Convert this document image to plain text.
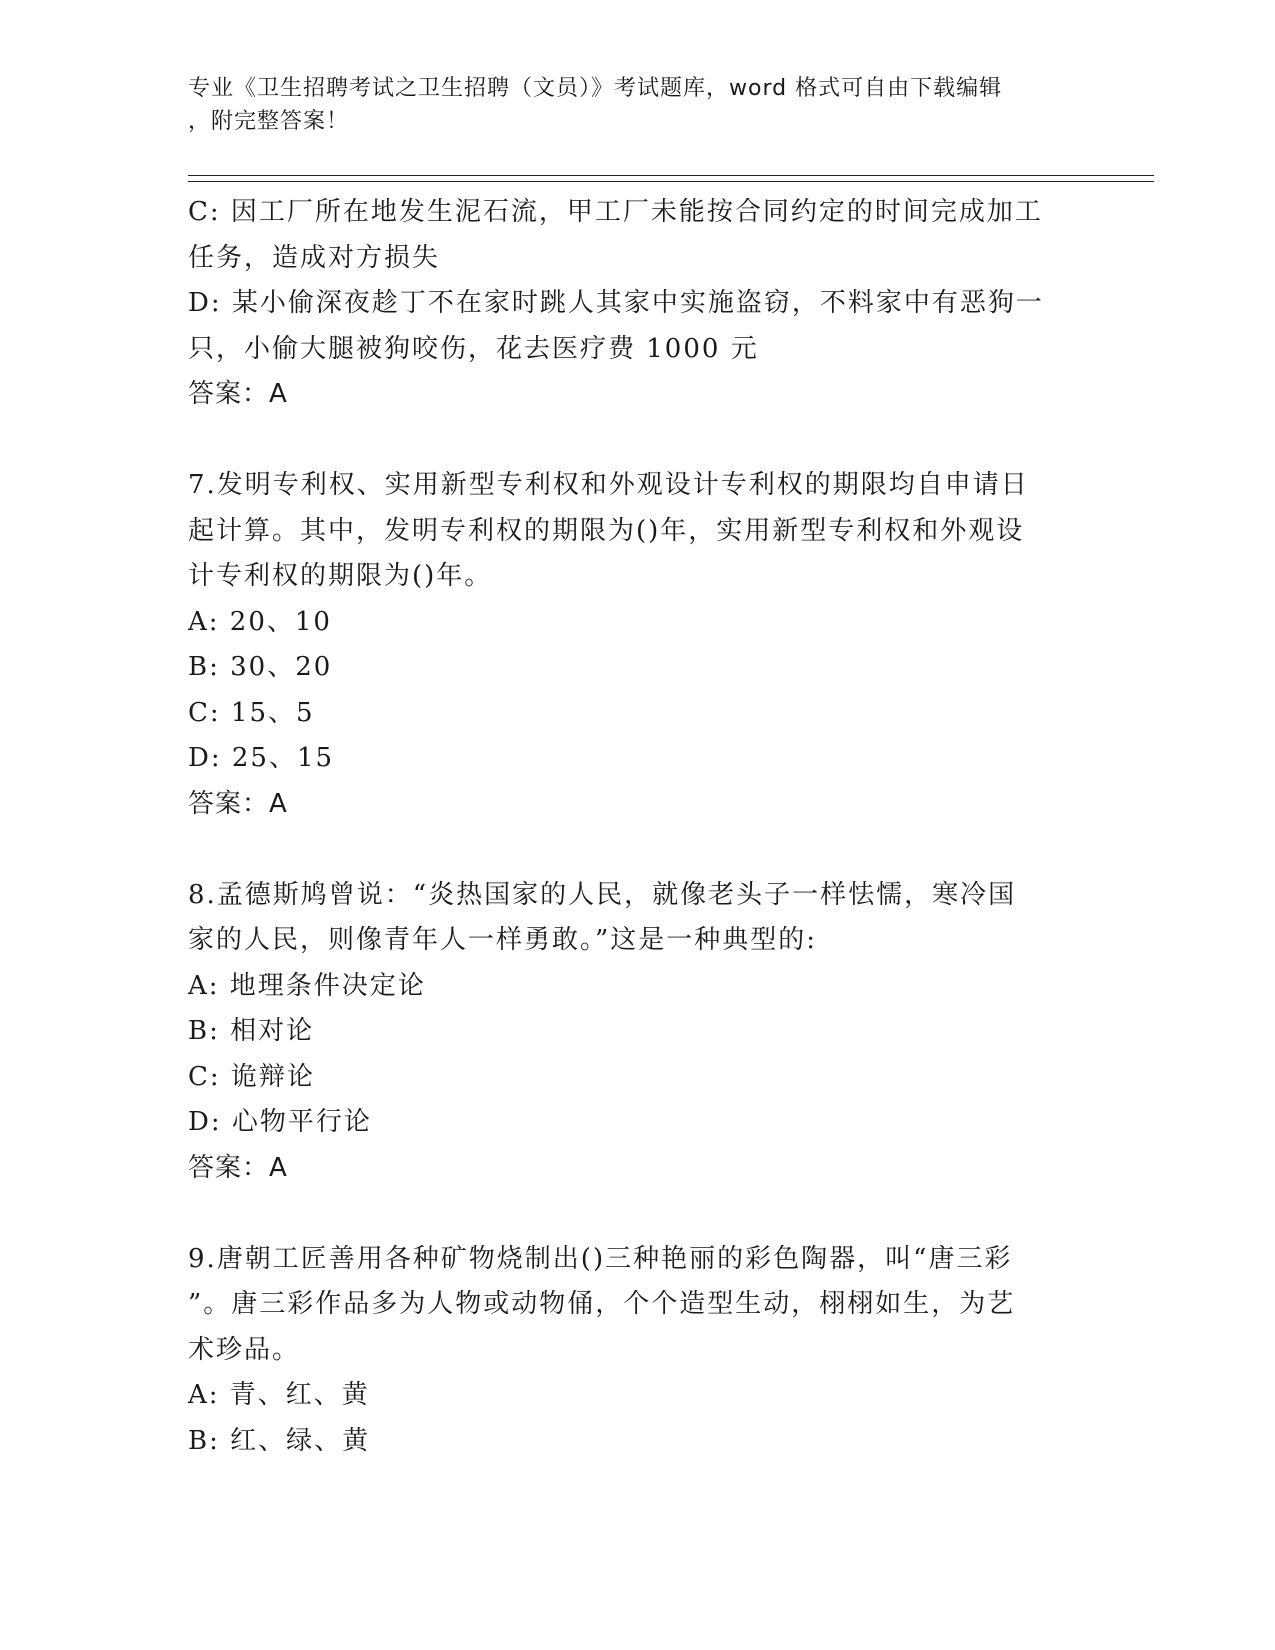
专业《卫生招聘考试之卫生招聘（文员）》考试题库，word 格式可自由下载编辑
，附完整答案！
C: 因工厂所在地发生泥石流，甲工厂未能按合同约定的时间完成加工
任务，造成对方损失
D: 某小偷深夜趁丁不在家时跳人其家中实施盗窃，不料家中有恶狗一
只，小偷大腿被狗咬伤，花去医疗费 1000 元
答案：A
7.发明专利权、实用新型专利权和外观设计专利权的期限均自申请日
起计算。其中，发明专利权的期限为()年，实用新型专利权和外观设
计专利权的期限为()年。
A: 20、10
B: 30、20
C: 15、5
D: 25、15
答案：A
8.孟德斯鸠曾说：“炎热国家的人民，就像老头子一样怯懦，寒冷国
家的人民，则像青年人一样勇敢。”这是一种典型的:
A: 地理条件决定论
B: 相对论
C: 诡辩论
D: 心物平行论
答案：A
9.唐朝工匠善用各种矿物烧制出()三种艳丽的彩色陶器，叫“唐三彩
”。唐三彩作品多为人物或动物俑，个个造型生动，栩栩如生，为艺
术珍品。
A: 青、红、黄
B: 红、绿、黄
